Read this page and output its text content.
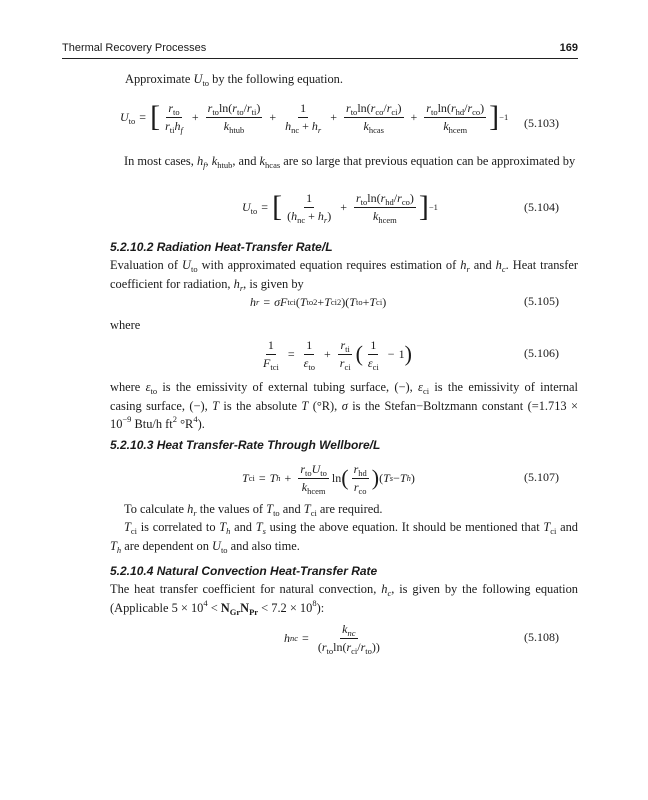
Thermal Recovery Processes	169
Approximate $U_{to}$ by the following equation.
$U_{to}$ = [ $\frac{r_{to}}{r_{ti}h_f} + \frac{r_{to}\ln(r_{to}/r_{ti})}{k_{htub}} + \frac{1}{h_{nc} + h_r} + \frac{r_{to}\ln(r_{co}/r_{ci})}{k_{hcas}} + \frac{r_{to}\ln(r_{hd}/r_{co})}{k_{hcem}}$ ] −1 (5.103)
In most cases, $h_f$, $k_{htub}$, and $k_{hcas}$ are so large that previous equation can be approximated by
$U_{to}$ = [ $\frac{1}{(h_{nc} + h_r)} + \frac{r_{to}\ln(r_{hd}/r_{co})}{k_{hcem}}$ ] −1	(5.104)
5.2.10.2 Radiation Heat-Transfer Rate/L
Evaluation of $U_{to}$ with approximated equation requires estimation of $h_r$ and $h_c$. Heat transfer coefficient for radiation, $h_r$, is given by
h r = σF tci ( T to 2 + T ci 2 )( T to + T ci )	(5.105)
where
$\frac{1}{F_{tci}} = \frac{1}{\varepsilon_{to}} + \frac{r_{ti}}{r_{ci}}$ ( $\frac{1}{\varepsilon_{ci}} - 1$ )	(5.106)
where $\varepsilon_{to}$ is the emissivity of external tubing surface, (−), $\varepsilon_{ci}$ is the emissivity of internal casing surface, (−), T is the absolute T (°R), σ is the Stefan−Boltzmann constant ($=1.713 \times 10^{-9}$ Btu/h $ft^2$ $^\circ R^4$).
5.2.10.3 Heat Transfer-Rate Through Wellbore/L
T ci = T $h + \frac{r_{to}U_{to}}{k_{hcem}}$ ln ( $\frac{r_{hd}}{r_{co}}$ ) ( T s − T h )	(5.107)
To calculate $h_r$ the values of $T_{to}$ and $T_{ci}$ are required.
$T_{ci}$ is correlated to $T_h$ and $T_s$ using the above equation. It should be mentioned that $T_{ci}$ and $T_h$ are dependent on $U_{to}$ and also time.
5.2.10.4 Natural Convection Heat-Transfer Rate
The heat transfer coefficient for natural convection, $h_c$, is given by the following equation (Applicable $5 \times 10^4 < N_{Gr}N_{Pr} < 7.2 \times 10^8$):
h nc = $\frac{k_{nc}}{(r_{to}\ln(r_{ci}/r_{to}))}$	(5.108)
